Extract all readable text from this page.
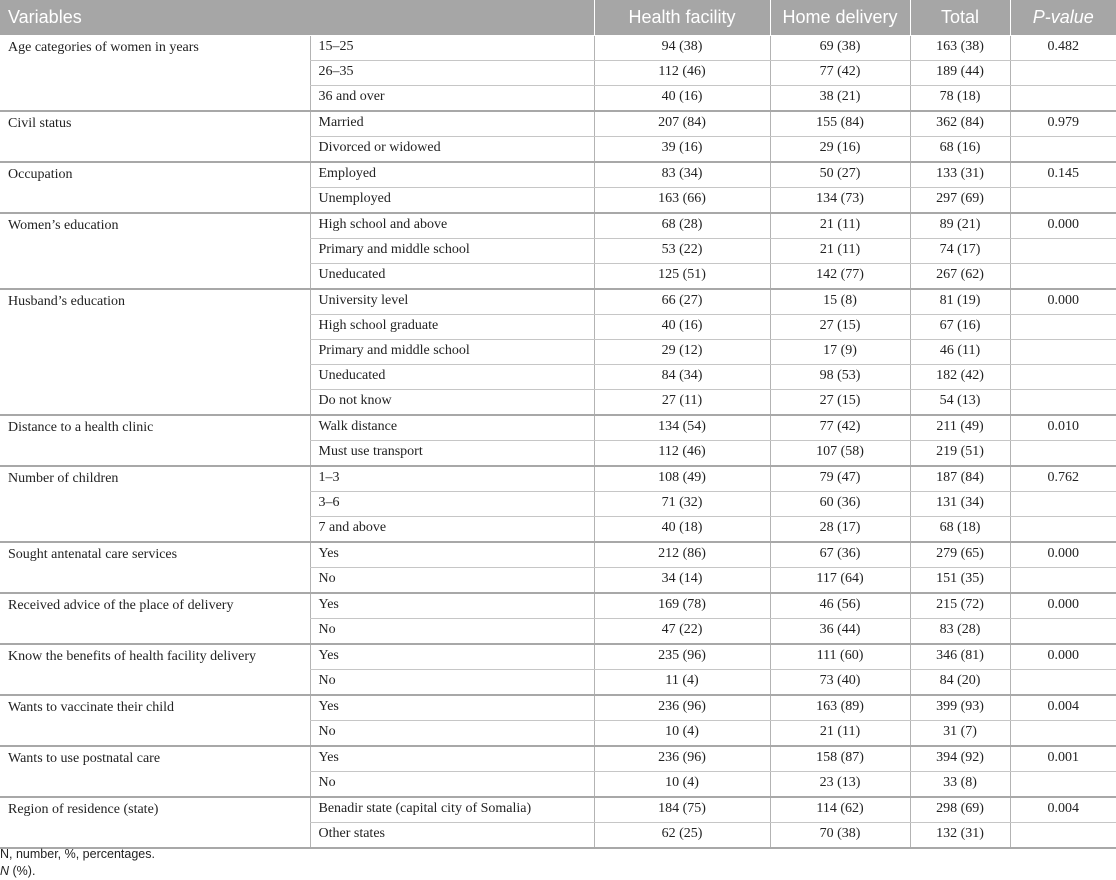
Variables		Health facility	Home delivery	Total	P-value
Age categories of women in years	15–25	94 (38)	69 (38)	163 (38)	0.482
	26–35	112 (46)	77 (42)	189 (44)	
	36 and over	40 (16)	38 (21)	78 (18)	
Civil status	Married	207 (84)	155 (84)	362 (84)	0.979
	Divorced or widowed	39 (16)	29 (16)	68 (16)	
Occupation	Employed	83 (34)	50 (27)	133 (31)	0.145
	Unemployed	163 (66)	134 (73)	297 (69)	
Women’s education	High school and above	68 (28)	21 (11)	89 (21)	0.000
	Primary and middle school	53 (22)	21 (11)	74 (17)	
	Uneducated	125 (51)	142 (77)	267 (62)	
Husband’s education	University level	66 (27)	15 (8)	81 (19)	0.000
	High school graduate	40 (16)	27 (15)	67 (16)	
	Primary and middle school	29 (12)	17 (9)	46 (11)	
	Uneducated	84 (34)	98 (53)	182 (42)	
	Do not know	27 (11)	27 (15)	54 (13)	
Distance to a health clinic	Walk distance	134 (54)	77 (42)	211 (49)	0.010
	Must use transport	112 (46)	107 (58)	219 (51)	
Number of children	1–3	108 (49)	79 (47)	187 (84)	0.762
	3–6	71 (32)	60 (36)	131 (34)	
	7 and above	40 (18)	28 (17)	68 (18)	
Sought antenatal care services	Yes	212 (86)	67 (36)	279 (65)	0.000
	No	34 (14)	117 (64)	151 (35)	
Received advice of the place of delivery	Yes	169 (78)	46 (56)	215 (72)	0.000
	No	47 (22)	36 (44)	83 (28)	
Know the benefits of health facility delivery	Yes	235 (96)	111 (60)	346 (81)	0.000
	No	11 (4)	73 (40)	84 (20)	
Wants to vaccinate their child	Yes	236 (96)	163 (89)	399 (93)	0.004
	No	10 (4)	21 (11)	31 (7)	
Wants to use postnatal care	Yes	236 (96)	158 (87)	394 (92)	0.001
	No	10 (4)	23 (13)	33 (8)	
Region of residence (state)	Benadir state (capital city of Somalia)	184 (75)	114 (62)	298 (69)	0.004
	Other states	62 (25)	70 (38)	132 (31)	
N, number, %, percentages.
N (%).
